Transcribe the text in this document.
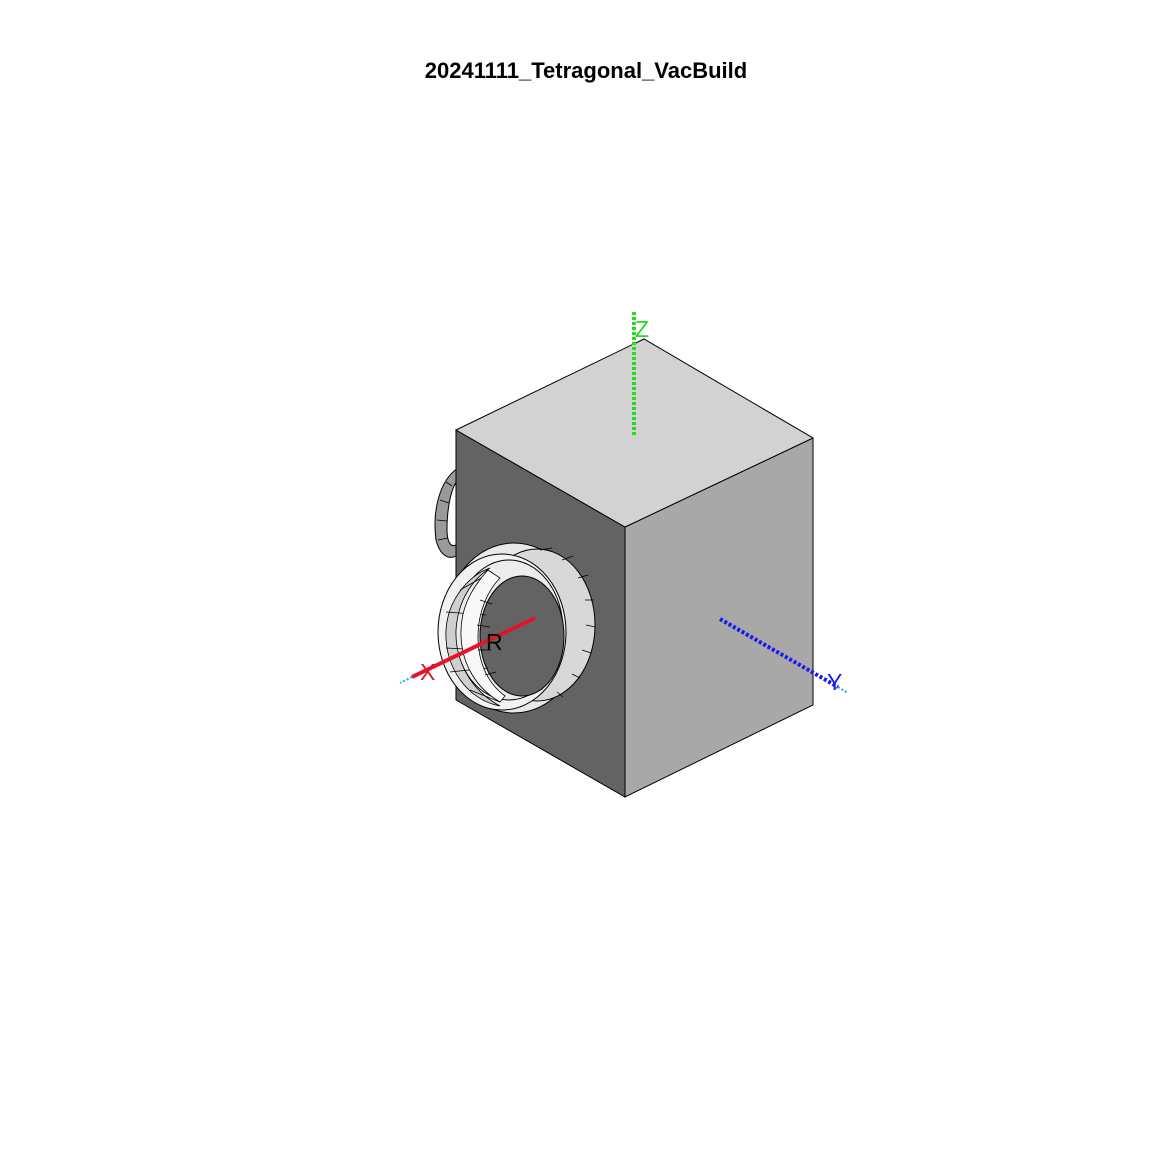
20241111_Tetragonal_VacBuild
Z
Y
X
R
